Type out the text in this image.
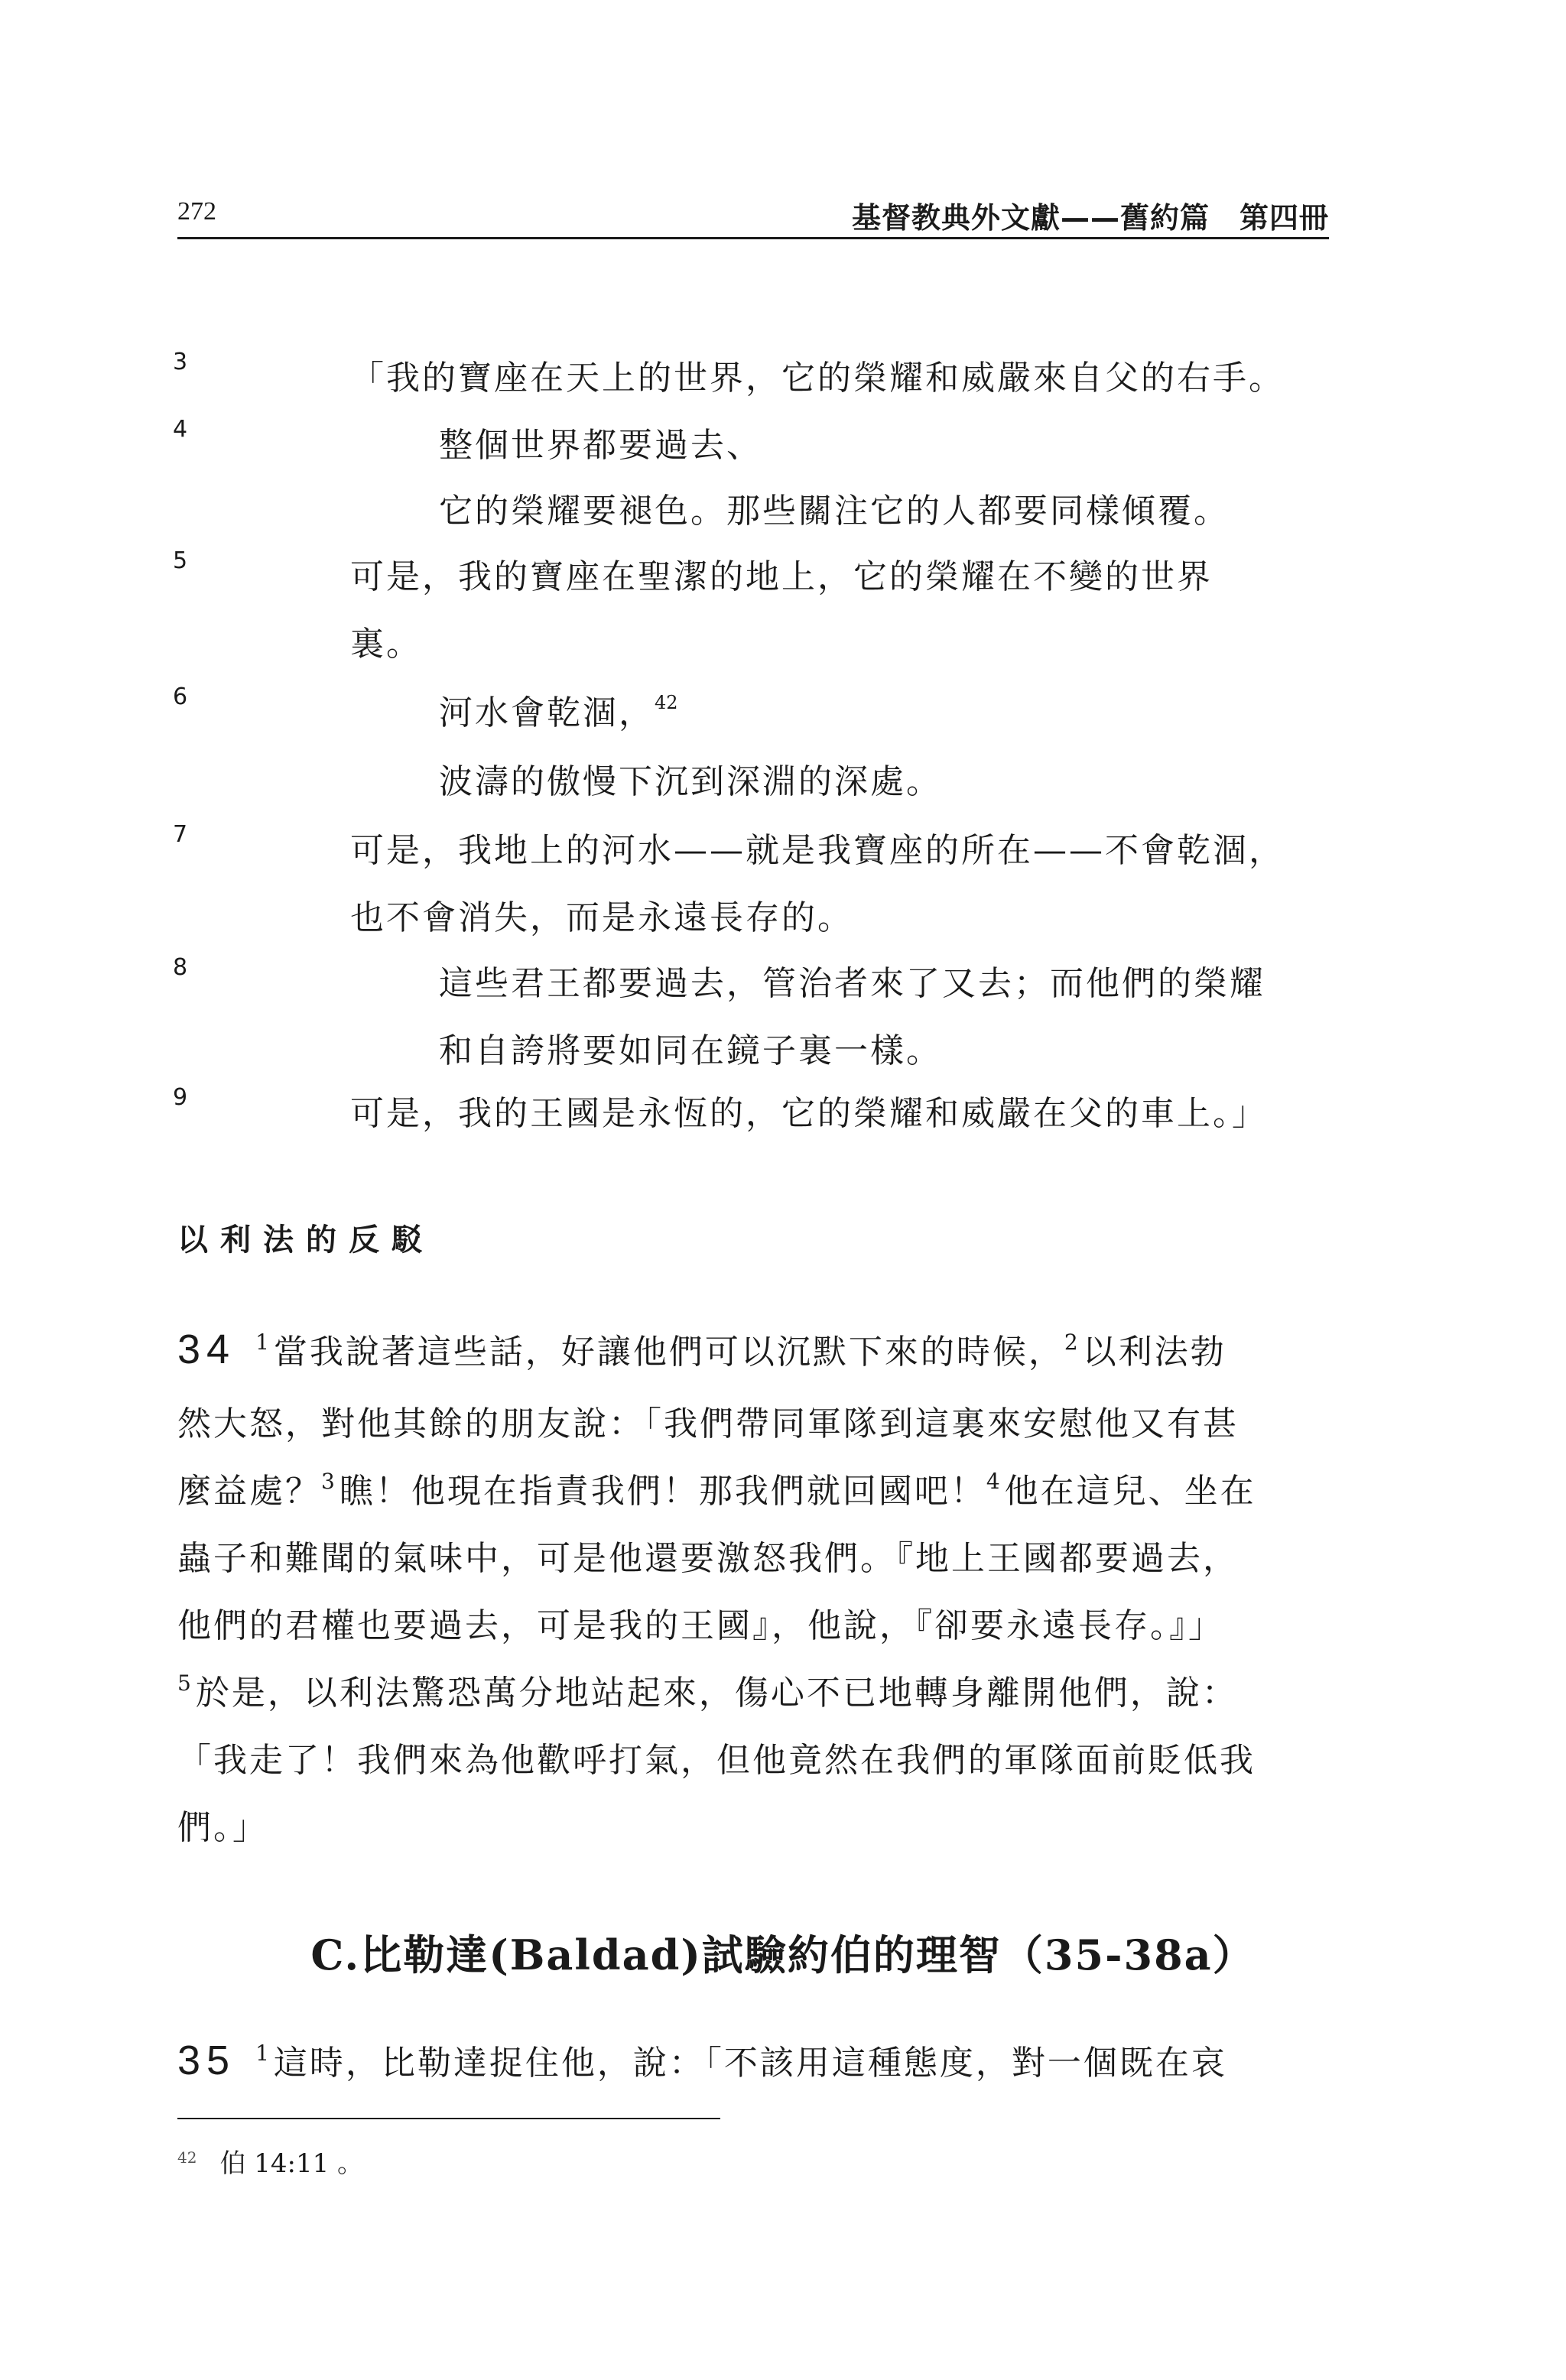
272	基督教典外文獻——舊約篇　第四冊
3
4
5
6
7
8
9
「我的寶座在天上的世界，它的榮耀和威嚴來自父的右手。
整個世界都要過去、
它的榮耀要褪色。那些關注它的人都要同樣傾覆。
可是，我的寶座在聖潔的地上，它的榮耀在不變的世界
裏。
河水會乾涸，$^{42}$
波濤的傲慢下沉到深淵的深處。
可是，我地上的河水——就是我寶座的所在——不會乾涸，
也不會消失，而是永遠長存的。
這些君王都要過去，管治者來了又去；而他們的榮耀
和自誇將要如同在鏡子裏一樣。
可是，我的王國是永恆的，它的榮耀和威嚴在父的車上。」
以利法的反駁
34 $^1$ 當我說著這些話，好讓他們可以沉默下來的時候，$^2$ 以利法勃
然大怒，對他其餘的朋友說：「我們帶同軍隊到這裏來安慰他又有甚
麼益處？$^3$ 瞧！他現在指責我們！那我們就回國吧！$^4$ 他在這兒、坐在
蟲子和難聞的氣味中，可是他還要激怒我們。『地上王國都要過去，
他們的君權也要過去，可是我的王國』，他說，『卻要永遠長存。』」
$^5$ 於是，以利法驚恐萬分地站起來，傷心不已地轉身離開他們，說：
「我走了！我們來為他歡呼打氣，但他竟然在我們的軍隊面前貶低我
們。」
C.比勒達(Baldad)試驗約伯的理智（35-38a）
35 $^1$ 這時，比勒達捉住他，說：「不該用這種態度，對一個既在哀
$^{42}$ 伯 14:11 。
